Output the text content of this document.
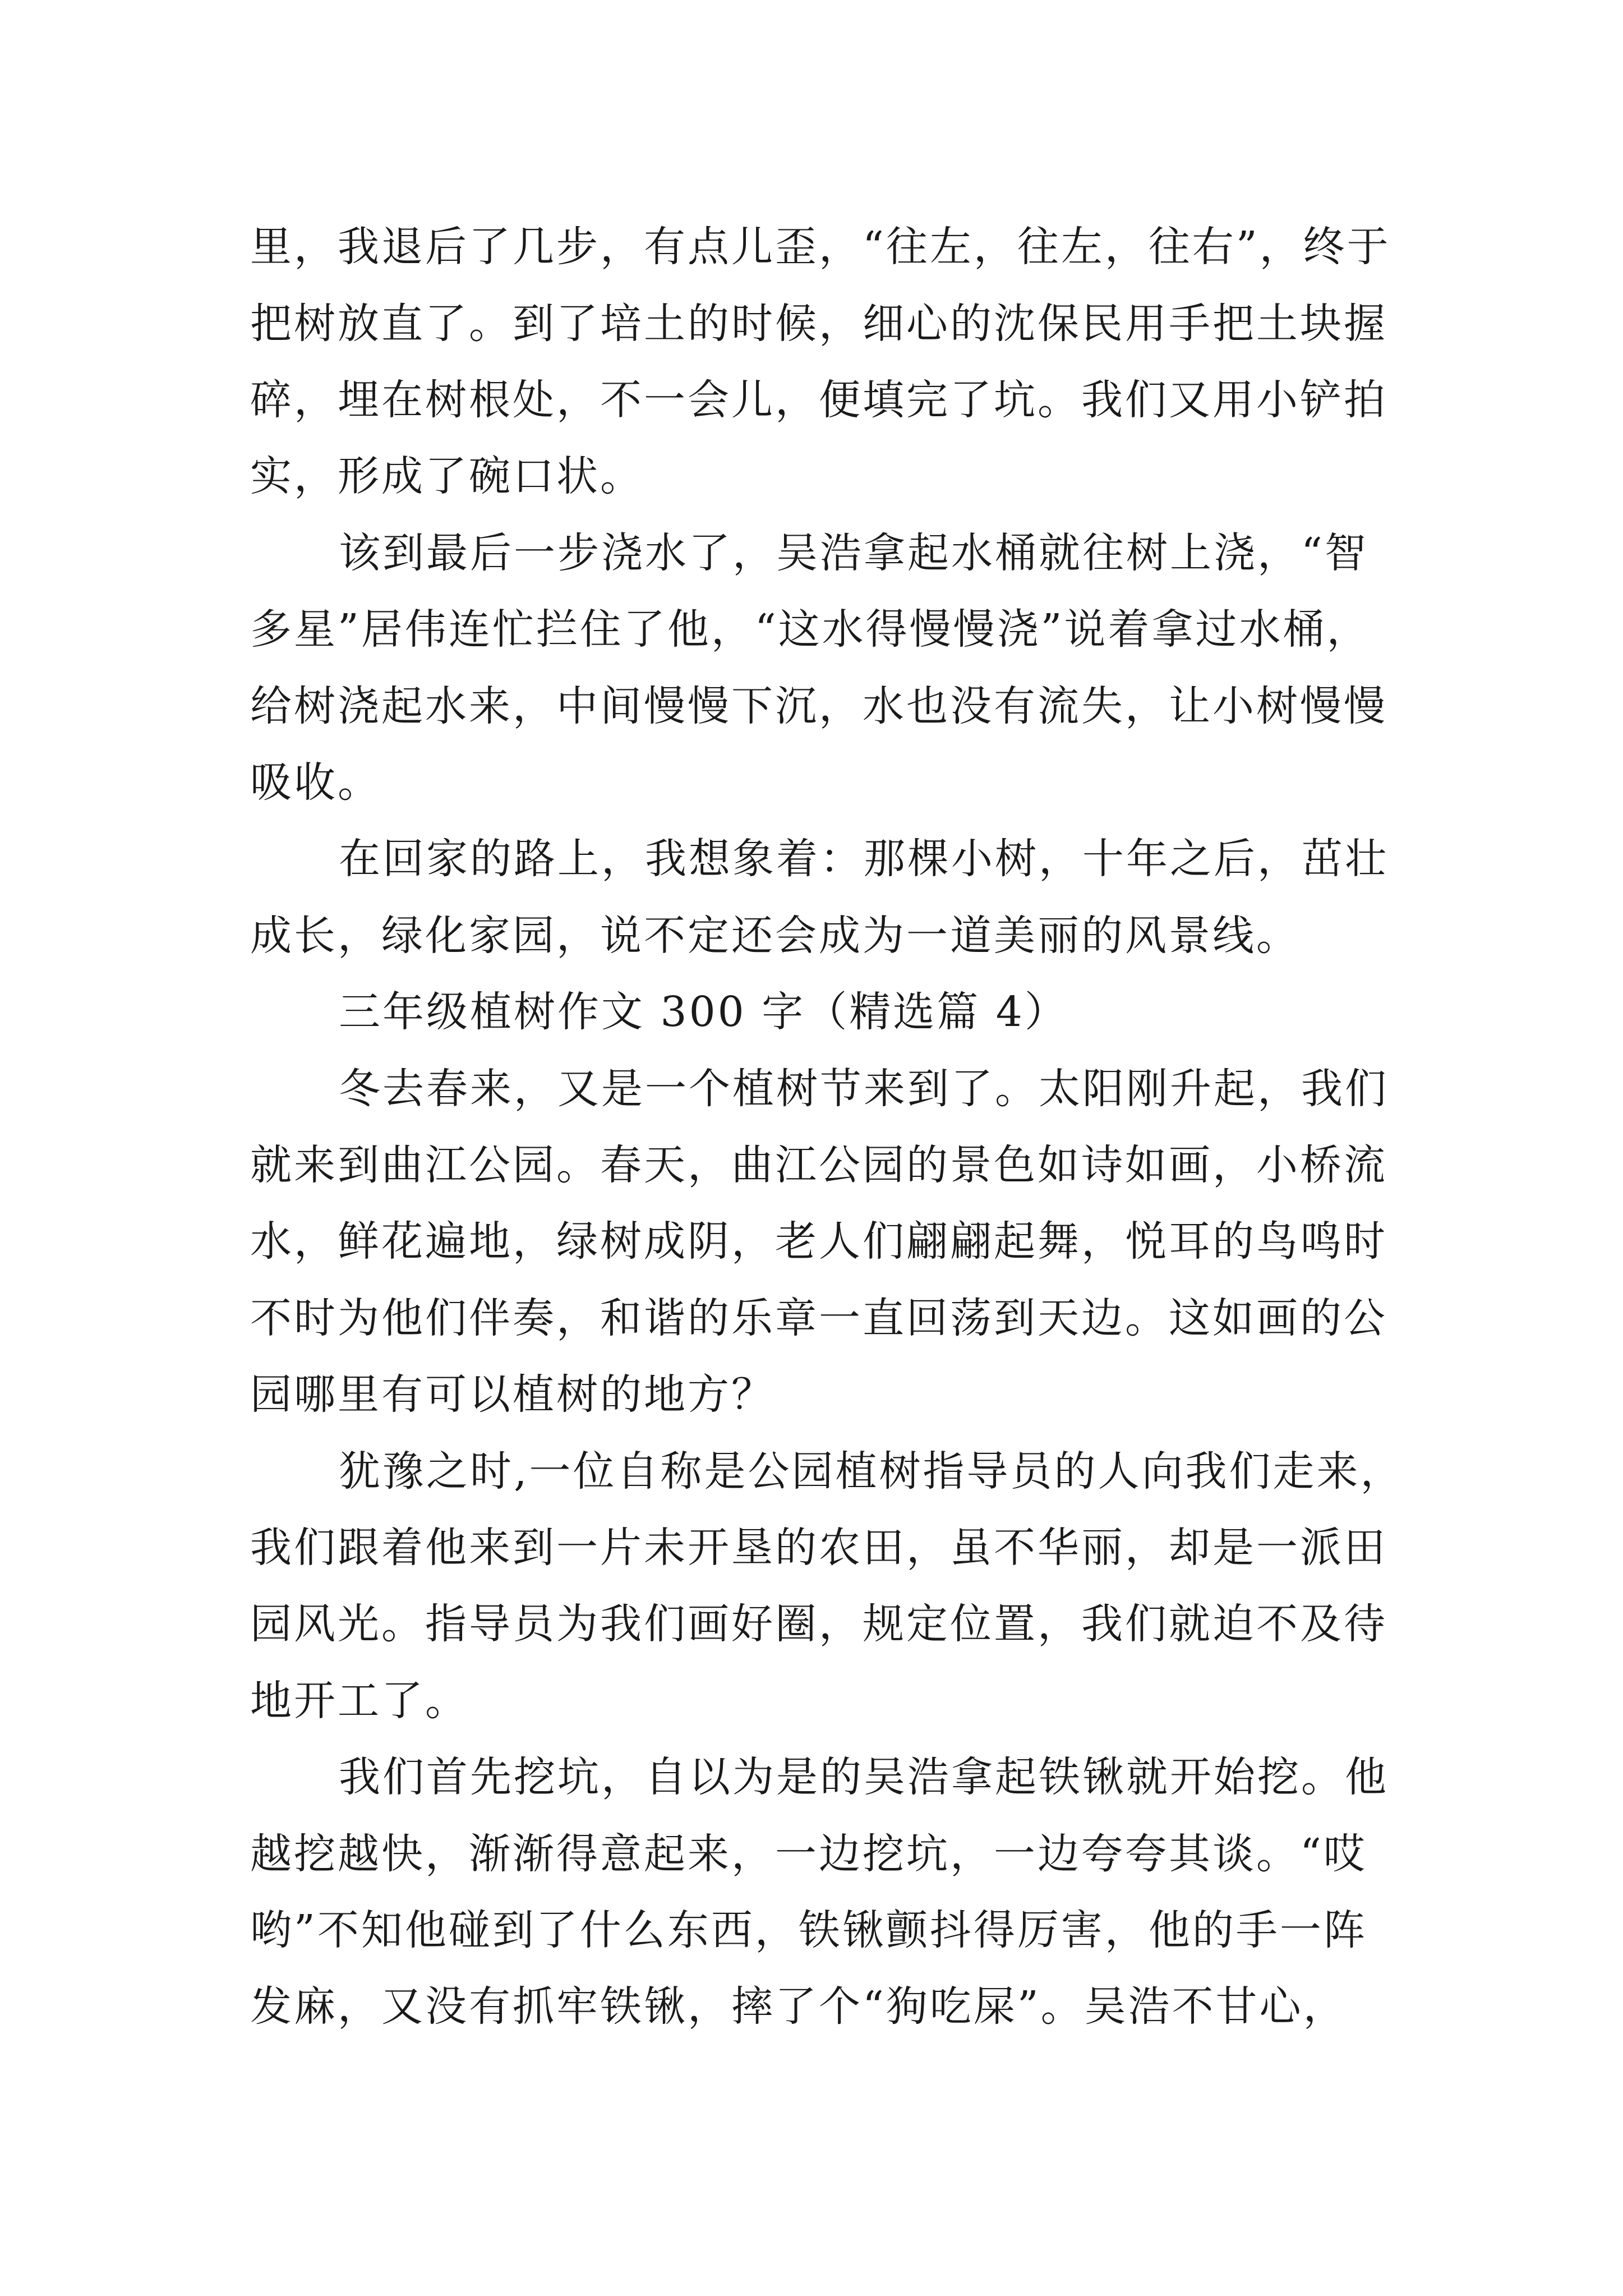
里，我退后了几步，有点儿歪，“往左，往左，往右”，终于
把树放直了。到了培土的时候，细心的沈保民用手把土块握
碎，埋在树根处，不一会儿，便填完了坑。我们又用小铲拍
实，形成了碗口状。
该到最后一步浇水了，吴浩拿起水桶就往树上浇，“智
多星”居伟连忙拦住了他，“这水得慢慢浇”说着拿过水桶，
给树浇起水来，中间慢慢下沉，水也没有流失，让小树慢慢
吸收。
在回家的路上，我想象着：那棵小树，十年之后，茁壮
成长，绿化家园，说不定还会成为一道美丽的风景线。
三年级植树作文 300 字（精选篇 4）
冬去春来，又是一个植树节来到了。太阳刚升起，我们
就来到曲江公园。春天，曲江公园的景色如诗如画，小桥流
水，鲜花遍地，绿树成阴，老人们翩翩起舞，悦耳的鸟鸣时
不时为他们伴奏，和谐的乐章一直回荡到天边。这如画的公
园哪里有可以植树的地方？
犹豫之时,一位自称是公园植树指导员的人向我们走来，
我们跟着他来到一片未开垦的农田，虽不华丽，却是一派田
园风光。指导员为我们画好圈，规定位置，我们就迫不及待
地开工了。
我们首先挖坑，自以为是的吴浩拿起铁锹就开始挖。他
越挖越快，渐渐得意起来，一边挖坑，一边夸夸其谈。“哎
哟”不知他碰到了什么东西，铁锹颤抖得厉害，他的手一阵
发麻，又没有抓牢铁锹，摔了个“狗吃屎”。吴浩不甘心，
